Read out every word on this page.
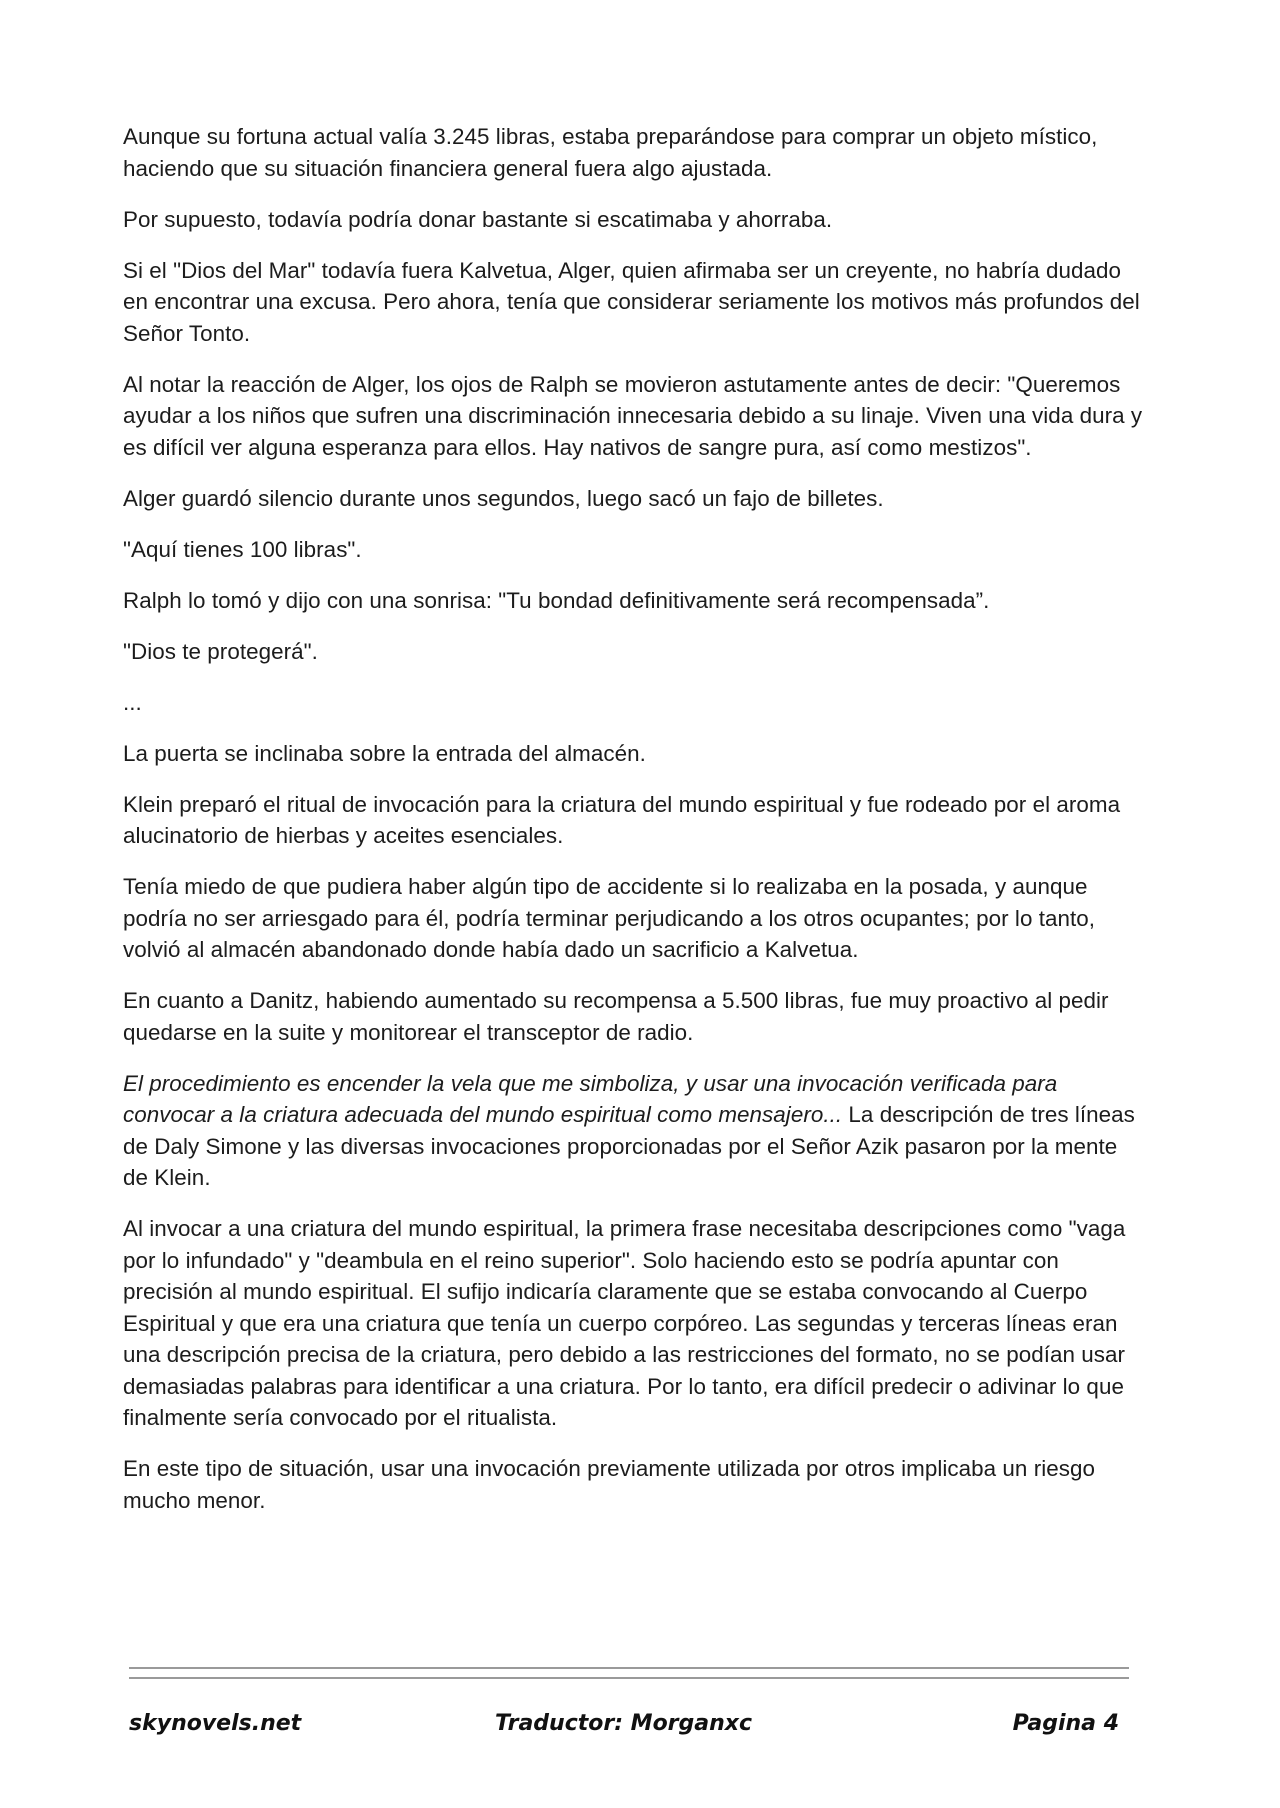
Aunque su fortuna actual valía 3.245 libras, estaba preparándose para comprar un objeto místico, haciendo que su situación financiera general fuera algo ajustada.

Por supuesto, todavía podría donar bastante si escatimaba y ahorraba.

Si el "Dios del Mar" todavía fuera Kalvetua, Alger, quien afirmaba ser un creyente, no habría dudado en encontrar una excusa. Pero ahora, tenía que considerar seriamente los motivos más profundos del Señor Tonto.

Al notar la reacción de Alger, los ojos de Ralph se movieron astutamente antes de decir: "Queremos ayudar a los niños que sufren una discriminación innecesaria debido a su linaje. Viven una vida dura y es difícil ver alguna esperanza para ellos. Hay nativos de sangre pura, así como mestizos".

Alger guardó silencio durante unos segundos, luego sacó un fajo de billetes.

"Aquí tienes 100 libras".

Ralph lo tomó y dijo con una sonrisa: "Tu bondad definitivamente será recompensada”.

"Dios te protegerá".

...

La puerta se inclinaba sobre la entrada del almacén.

Klein preparó el ritual de invocación para la criatura del mundo espiritual y fue rodeado por el aroma alucinatorio de hierbas y aceites esenciales.

Tenía miedo de que pudiera haber algún tipo de accidente si lo realizaba en la posada, y aunque podría no ser arriesgado para él, podría terminar perjudicando a los otros ocupantes; por lo tanto, volvió al almacén abandonado donde había dado un sacrificio a Kalvetua.

En cuanto a Danitz, habiendo aumentado su recompensa a 5.500 libras, fue muy proactivo al pedir quedarse en la suite y monitorear el transceptor de radio.

El procedimiento es encender la vela que me simboliza, y usar una invocación verificada para convocar a la criatura adecuada del mundo espiritual como mensajero... La descripción de tres líneas de Daly Simone y las diversas invocaciones proporcionadas por el Señor Azik pasaron por la mente de Klein.

Al invocar a una criatura del mundo espiritual, la primera frase necesitaba descripciones como "vaga por lo infundado" y "deambula en el reino superior". Solo haciendo esto se podría apuntar con precisión al mundo espiritual. El sufijo indicaría claramente que se estaba convocando al Cuerpo Espiritual y que era una criatura que tenía un cuerpo corpóreo. Las segundas y terceras líneas eran una descripción precisa de la criatura, pero debido a las restricciones del formato, no se podían usar demasiadas palabras para identificar a una criatura. Por lo tanto, era difícil predecir o adivinar lo que finalmente sería convocado por el ritualista.

En este tipo de situación, usar una invocación previamente utilizada por otros implicaba un riesgo mucho menor.

skynovels.net	Traductor: Morganxc	Pagina 4
